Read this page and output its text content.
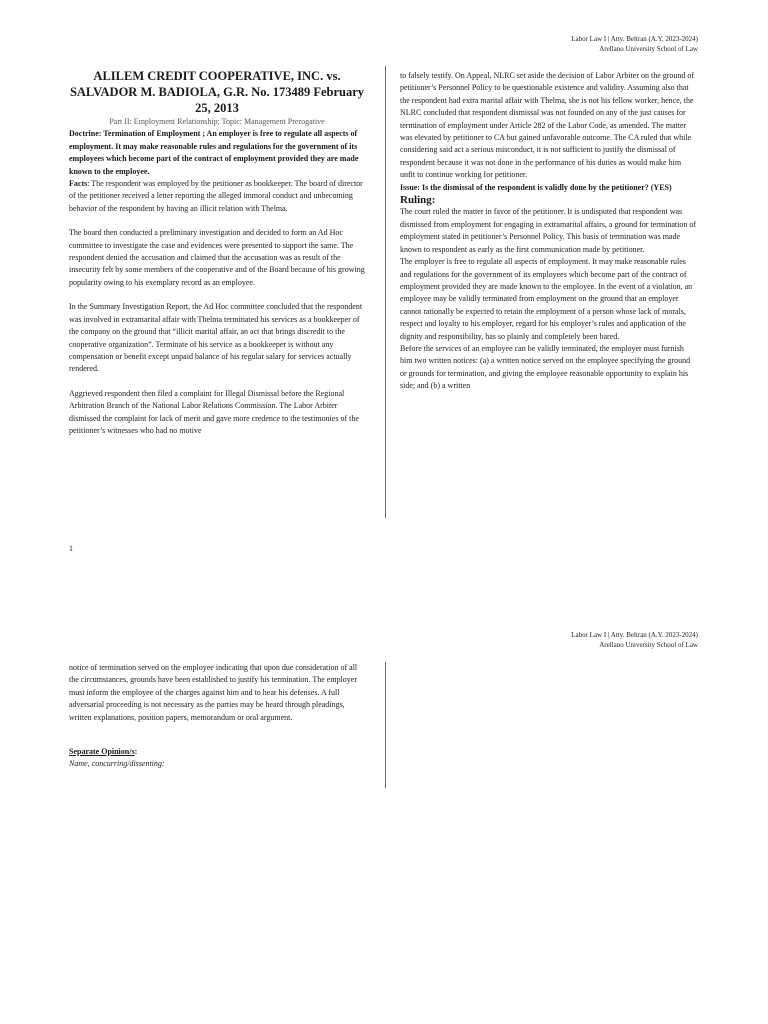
Labor Law I | Atty. Beltran (A.Y. 2023-2024)
Arellano University School of Law

ALILEM CREDIT COOPERATIVE, INC. vs. SALVADOR M. BADIOLA, G.R. No. 173489 February 25, 2013

Part II: Employment Relationship; Topic: Management Prerogative

Doctrine: Termination of Employment ; An employer is free to regulate all aspects of employment. It may make reasonable rules and regulations for the government of its employees which become part of the contract of employment provided they are made known to the employee.

Facts: The respondent was employed by the petitioner as bookkeeper. The board of director of the petitioner received a letter reporting the alleged immoral conduct and unbecoming behavior of the respondent by having an illicit relation with Thelma.

The board then conducted a preliminary investigation and decided to form an Ad Hoc committee to investigate the case and evidences were presented to support the same. The respondent denied the accusation and claimed that the accusation was as result of the insecurity felt by some members of the cooperative and of the Board because of his growing popularity owing to his exemplary record as an employee.

In the Summary Investigation Report, the Ad Hoc committee concluded that the respondent was involved in extramarital affair with Thelma terminated his services as a bookkeeper of the company on the ground that “illicit marital affair, an act that brings discredit to the cooperative organization”. Terminate of his service as a bookkeeper is without any compensation or benefit except unpaid balance of his regular salary for services actually rendered.

Aggrieved respondent then filed a complaint for Illegal Dismissal before the Regional Arbitration Branch of the National Labor Relations Commission. The Labor Arbiter dismissed the complaint for lack of merit and gave more credence to the testimonies of the petitioner’s witnesses who had no motive

to falsely testify. On Appeal, NLRC set aside the decision of Labor Arbiter on the ground of petitioner’s Personnel Policy to be questionable existence and validity. Assuming also that the respondent had extra marital affair with Thelma, she is not his fellow worker, hence, the NLRC concluded that respondent dismissal was not founded on any of the just causes for termination of employment under Article 282 of the Labor Code, as amended. The matter was elevated by petitioner to CA but gained unfavorable outcome. The CA ruled that while considering said act a serious misconduct, it is not sufficient to justify the dismissal of respondent because it was not done in the performance of his duties as would make him unfit to continue working for petitioner.

Issue: Is the dismissal of the respondent is validly done by the petitioner? (YES)

Ruling:

The court ruled the matter in favor of the petitioner. It is undisputed that respondent was dismissed from employment for engaging in extramarital affairs, a ground for termination of employment stated in petitioner’s Personnel Policy. This basis of termination was made known to respondent as early as the first communication made by petitioner.

The employer is free to regulate all aspects of employment. It may make reasonable rules and regulations for the government of its employees which become part of the contract of employment provided they are made known to the employee. In the event of a violation, an employee may be validly terminated from employment on the ground that an employer cannot rationally be expected to retain the employment of a person whose lack of morals, respect and loyalty to his employer, regard for his employer’s rules and application of the dignity and responsibility, has so plainly and completely been bared.

Before the services of an employee can be validly terminated, the employer must furnish him two written notices: (a) a written notice served on the employee specifying the ground or grounds for termination, and giving the employee reasonable opportunity to explain his side; and (b) a written

1
Labor Law I | Atty. Beltran (A.Y. 2023-2024)
Arellano University School of Law

notice of termination served on the employee indicating that upon due consideration of all the circumstances, grounds have been established to justify his termination. The employer must inform the employee of the charges against him and to hear his defenses. A full adversarial proceeding is not necessary as the parties may be heard through pleadings, written explanations, position papers, memorandum or oral argument.

Separate Opinion/s:

Name, concurring/dissenting:
